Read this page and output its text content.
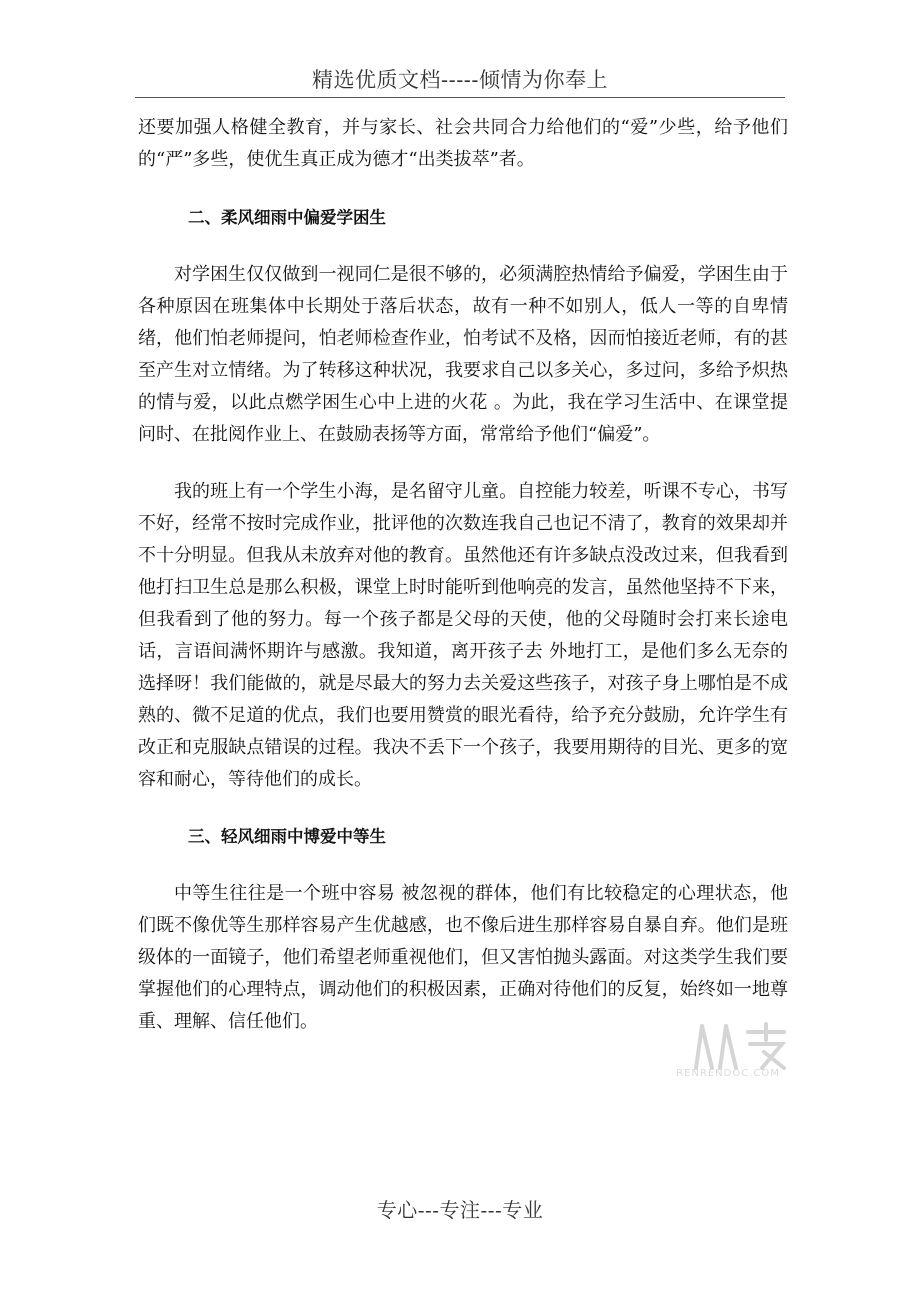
精选优质文档-----倾情为你奉上

还要加强人格健全教育，并与家长、社会共同合力给他们的“爱”少些，给予他们的“严”多些，使优生真正成为德才“出类拔萃”者。

二、柔风细雨中偏爱学困生

对学困生仅仅做到一视同仁是很不够的，必须满腔热情给予偏爱，学困生由于各种原因在班集体中长期处于落后状态，故有一种不如别人，低人一等的自卑情绪，他们怕老师提问，怕老师检查作业，怕考试不及格，因而怕接近老师，有的甚至产生对立情绪。为了转移这种状况，我要求自己以多关心，多过问，多给予炽热的情与爱，以此点燃学困生心中上进的火花 。为此，我在学习生活中、在课堂提问时、在批阅作业上、在鼓励表扬等方面，常常给予他们“偏爱”。

我的班上有一个学生小海，是名留守儿童。自控能力较差，听课不专心，书写不好，经常不按时完成作业，批评他的次数连我自己也记不清了，教育的效果却并不十分明显。但我从未放弃对他的教育。虽然他还有许多缺点没改过来，但我看到他打扫卫生总是那么积极，课堂上时时能听到他响亮的发言，虽然他坚持不下来，但我看到了他的努力。每一个孩子都是父母的天使，他的父母随时会打来长途电话，言语间满怀期许与感激。我知道，离开孩子去 外地打工，是他们多么无奈的选择呀！我们能做的，就是尽最大的努力去关爱这些孩子，对孩子身上哪怕是不成熟的、微不足道的优点，我们也要用赞赏的眼光看待，给予充分鼓励，允许学生有改正和克服缺点错误的过程。我决不丢下一个孩子，我要用期待的目光、更多的宽容和耐心，等待他们的成长。

三、轻风细雨中博爱中等生

中等生往往是一个班中容易 被忽视的群体，他们有比较稳定的心理状态，他们既不像优等生那样容易产生优越感，也不像后进生那样容易自暴自弃。他们是班级体的一面镜子，他们希望老师重视他们，但又害怕抛头露面。对这类学生我们要掌握他们的心理特点，调动他们的积极因素，正确对待他们的反复，始终如一地尊重、理解、信任他们。

RENRENDOC.COM
专心---专注---专业
